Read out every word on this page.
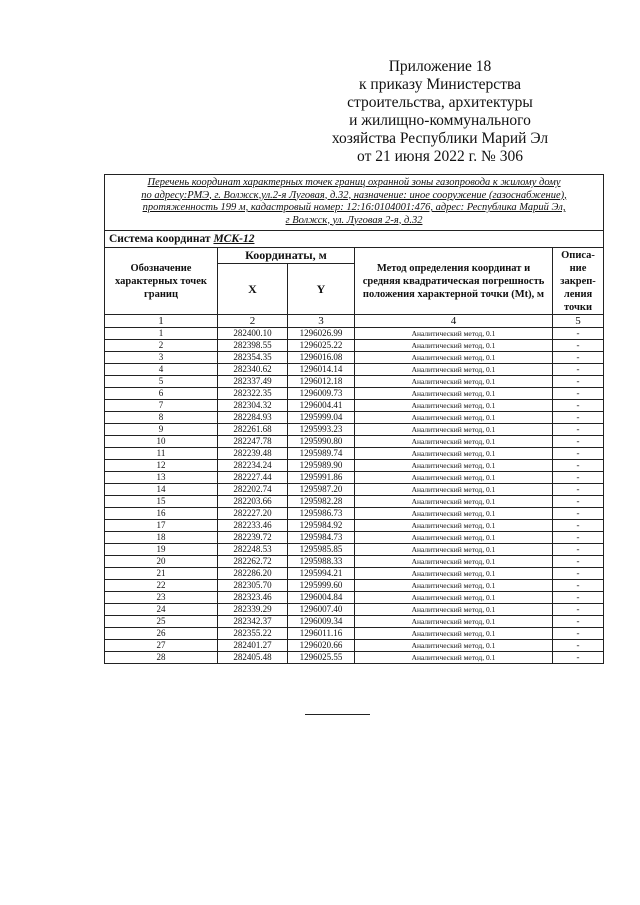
Приложение 18
к приказу Министерства
строительства, архитектуры
и жилищно-коммунального
хозяйства Республики Марий Эл
от 21 июня 2022 г. № 306
Перечень координат характерных точек границ охранной зоны газопровода к жилому дому
по адресу:РМЭ, г. Волжск,ул.2-я Луговая, д.32, назначение: иное сооружение (газоснабжение),
протяженность 199 м, кадастровый номер: 12:16:0104001:476, адрес: Республика Марий Эл,
г Волжск, ул. Луговая 2-я, д.32				

Система координат МСК-12				
Обозначение характерных точек границ	Координаты, м		Метод определения координат и средняя квадратическая погрешность положения характерной точки (Mt), м	Описа-ние закреп-ления точки
	X	Y		
1	2	3	4	5
1	282400.10	1296026.99	Аналитический метод, 0.1	-
2	282398.55	1296025.22	Аналитический метод, 0.1	-
3	282354.35	1296016.08	Аналитический метод, 0.1	-
4	282340.62	1296014.14	Аналитический метод, 0.1	-
5	282337.49	1296012.18	Аналитический метод, 0.1	-
6	282322.35	1296009.73	Аналитический метод, 0.1	-
7	282304.32	1296004.41	Аналитический метод, 0.1	-
8	282284.93	1295999.04	Аналитический метод, 0.1	-
9	282261.68	1295993.23	Аналитический метод, 0.1	-
10	282247.78	1295990.80	Аналитический метод, 0.1	-
11	282239.48	1295989.74	Аналитический метод, 0.1	-
12	282234.24	1295989.90	Аналитический метод, 0.1	-
13	282227.44	1295991.86	Аналитический метод, 0.1	-
14	282202.74	1295987.20	Аналитический метод, 0.1	-
15	282203.66	1295982.28	Аналитический метод, 0.1	-
16	282227.20	1295986.73	Аналитический метод, 0.1	-
17	282233.46	1295984.92	Аналитический метод, 0.1	-
18	282239.72	1295984.73	Аналитический метод, 0.1	-
19	282248.53	1295985.85	Аналитический метод, 0.1	-
20	282262.72	1295988.33	Аналитический метод, 0.1	-
21	282286.20	1295994.21	Аналитический метод, 0.1	-
22	282305.70	1295999.60	Аналитический метод, 0.1	-
23	282323.46	1296004.84	Аналитический метод, 0.1	-
24	282339.29	1296007.40	Аналитический метод, 0.1	-
25	282342.37	1296009.34	Аналитический метод, 0.1	-
26	282355.22	1296011.16	Аналитический метод, 0.1	-
27	282401.27	1296020.66	Аналитический метод, 0.1	-
28	282405.48	1296025.55	Аналитический метод, 0.1	-
